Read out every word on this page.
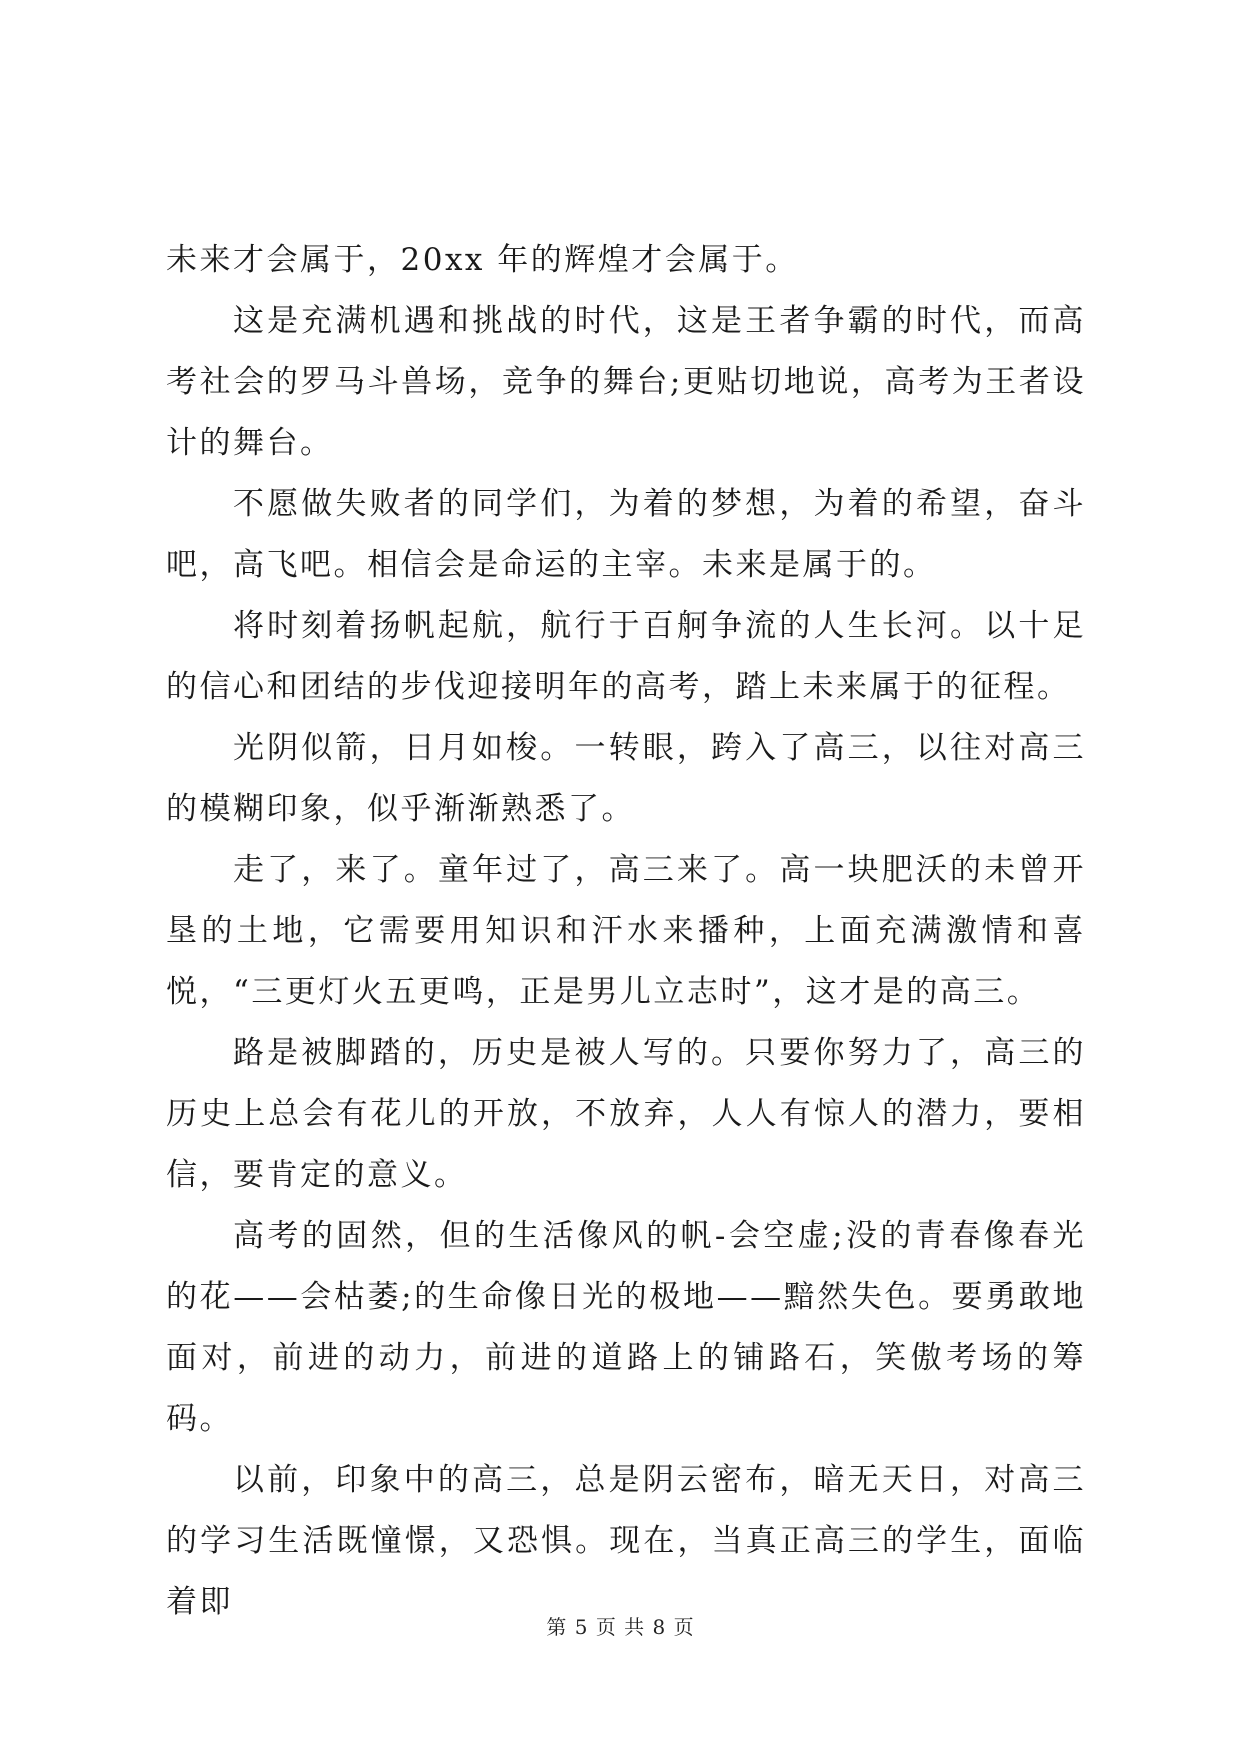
未来才会属于，20xx 年的辉煌才会属于。

这是充满机遇和挑战的时代，这是王者争霸的时代，而高考社会的罗马斗兽场，竞争的舞台;更贴切地说，高考为王者设计的舞台。

不愿做失败者的同学们，为着的梦想，为着的希望，奋斗吧，高飞吧。相信会是命运的主宰。未来是属于的。

将时刻着扬帆起航，航行于百舸争流的人生长河。以十足的信心和团结的步伐迎接明年的高考，踏上未来属于的征程。

光阴似箭，日月如梭。一转眼，跨入了高三，以往对高三的模糊印象，似乎渐渐熟悉了。

走了，来了。童年过了，高三来了。高一块肥沃的未曾开垦的土地，它需要用知识和汗水来播种，上面充满激情和喜悦，“三更灯火五更鸣，正是男儿立志时”，这才是的高三。

路是被脚踏的，历史是被人写的。只要你努力了，高三的历史上总会有花儿的开放，不放弃，人人有惊人的潜力，要相信，要肯定的意义。

高考的固然，但的生活像风的帆-会空虚;没的青春像春光的花——会枯萎;的生命像日光的极地——黯然失色。要勇敢地面对，前进的动力，前进的道路上的铺路石，笑傲考场的筹码。

以前，印象中的高三，总是阴云密布，暗无天日，对高三的学习生活既憧憬，又恐惧。现在，当真正高三的学生，面临着即

第 5 页 共 8 页
